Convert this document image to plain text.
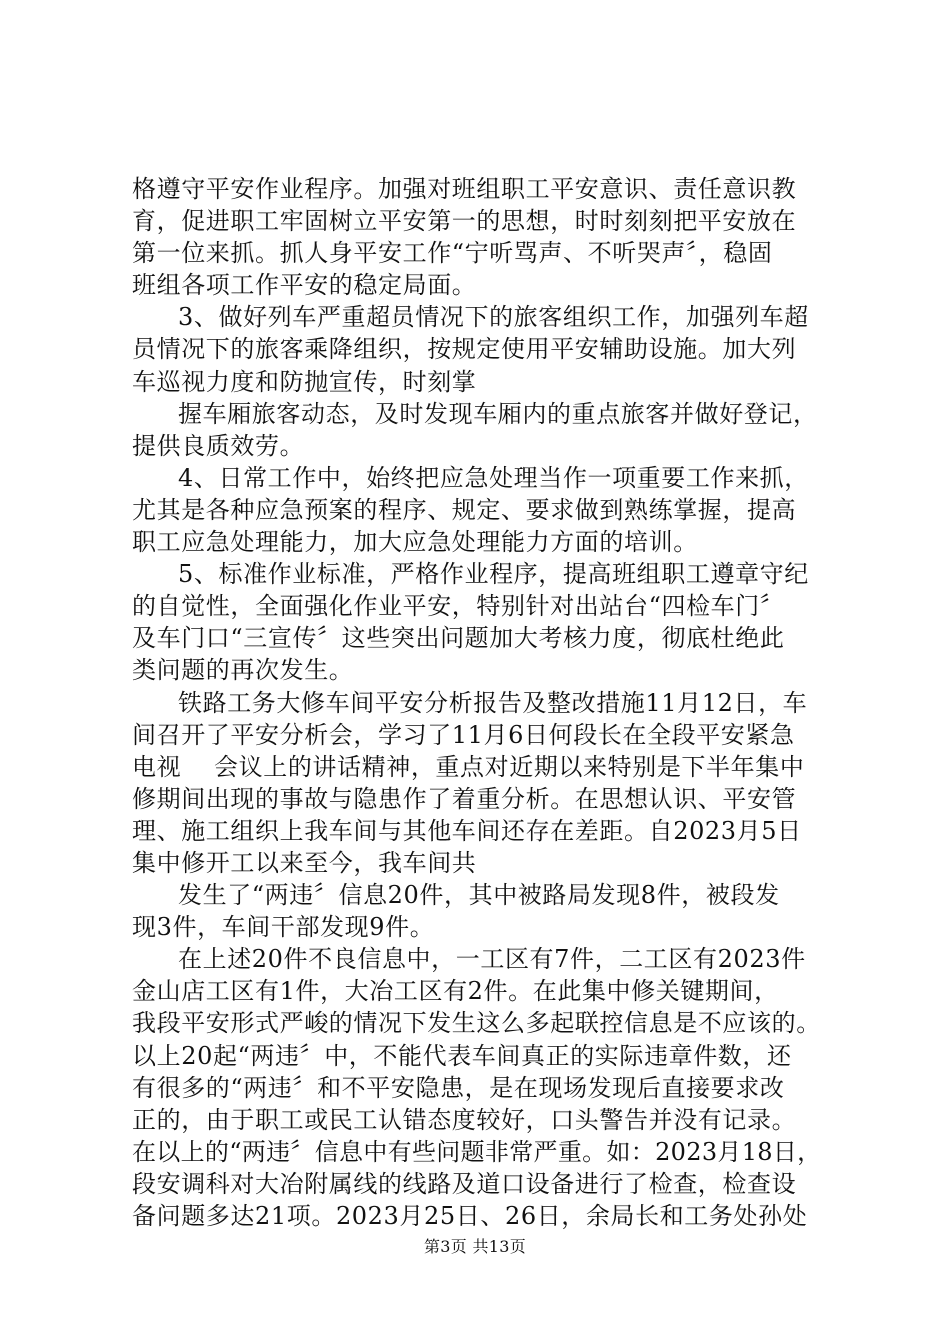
格遵守平安作业程序。加强对班组职工平安意识、责任意识教
育，促进职工牢固树立平安第一的思想，时时刻刻把平安放在
第一位来抓。抓人身平安工作“宁听骂声、不听哭声〞，稳固
班组各项工作平安的稳定局面。
3、做好列车严重超员情况下的旅客组织工作，加强列车超
员情况下的旅客乘降组织，按规定使用平安辅助设施。加大列
车巡视力度和防抛宣传，时刻掌
握车厢旅客动态，及时发现车厢内的重点旅客并做好登记，
提供良质效劳。
4、日常工作中，始终把应急处理当作一项重要工作来抓，
尤其是各种应急预案的程序、规定、要求做到熟练掌握，提高
职工应急处理能力，加大应急处理能力方面的培训。
5、标准作业标准，严格作业程序，提高班组职工遵章守纪
的自觉性，全面强化作业平安，特别针对出站台“四检车门〞
及车门口“三宣传〞这些突出问题加大考核力度，彻底杜绝此
类问题的再次发生。
铁路工务大修车间平安分析报告及整改措施11月12日，车
间召开了平安分析会，学习了11月6日何段长在全段平安紧急
电视　 会议上的讲话精神，重点对近期以来特别是下半年集中
修期间出现的事故与隐患作了着重分析。在思想认识、平安管
理、施工组织上我车间与其他车间还存在差距。自2023月5日
集中修开工以来至今，我车间共
发生了“两违〞信息20件，其中被路局发现8件，被段发
现3件，车间干部发现9件。
在上述20件不良信息中，一工区有7件，二工区有2023件
金山店工区有1件，大冶工区有2件。在此集中修关键期间，
我段平安形式严峻的情况下发生这么多起联控信息是不应该的。
以上20起“两违〞中，不能代表车间真正的实际违章件数，还
有很多的“两违〞和不平安隐患，是在现场发现后直接要求改
正的，由于职工或民工认错态度较好，口头警告并没有记录。
在以上的“两违〞信息中有些问题非常严重。如：2023月18日，
段安调科对大冶附属线的线路及道口设备进行了检查，检查设
备问题多达21项。2023月25日、26日，余局长和工务处孙处
第3页 共13页
